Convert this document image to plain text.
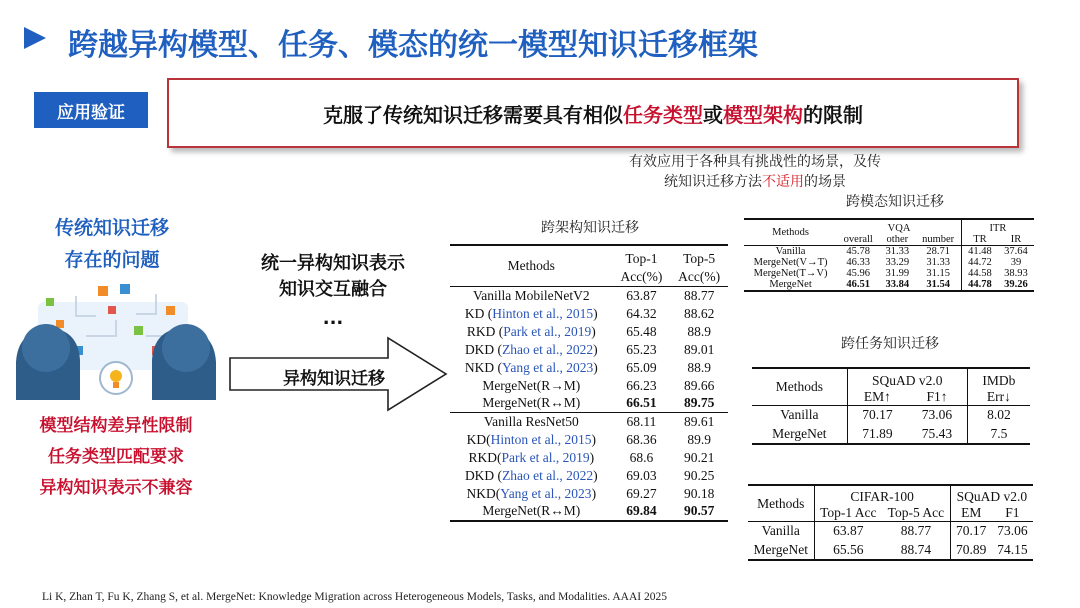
跨越异构模型、任务、模态的统一模型知识迁移框架
应用验证	克服了传统知识迁移需要具有相似 任务类型 或 模型架构 的限制
有效应用于各种具有挑战性的场景，及传
统知识迁移方法不适用的场景
传统知识迁移
存在的问题
模型结构差异性限制
任务类型匹配要求
异构知识表示不兼容
统一异构知识表示
知识交互融合
...
异构知识迁移
跨架构知识迁移
Methods	Top-1	Top-5
	Acc(%)	Acc(%)
Vanilla MobileNetV2	63.87	88.77
KD (Hinton et al., 2015)	64.32	88.62
RKD (Park et al., 2019)	65.48	88.9
DKD (Zhao et al., 2022)	65.23	89.01
NKD (Yang et al., 2023)	65.09	88.9
MergeNet(R→M)	66.23	89.66
MergeNet(R↔M)	66.51	89.75
Vanilla ResNet50	68.11	89.61
KD(Hinton et al., 2015)	68.36	89.9
RKD(Park et al., 2019)	68.6	90.21
DKD (Zhao et al., 2022)	69.03	90.25
NKD(Yang et al., 2023)	69.27	90.18
MergeNet(R↔M)	69.84	90.57
跨模态知识迁移
Methods	VQA			ITR	
	overall	other	number	TR	IR
Vanilla	45.78	31.33	28.71	41.48	37.64
MergeNet(V→T)	46.33	33.29	31.33	44.72	39
MergeNet(T→V)	45.96	31.99	31.15	44.58	38.93
MergeNet	46.51	33.84	31.54	44.78	39.26
跨任务知识迁移
Methods	SQuAD v2.0		IMDb
	EM↑	F1↑	Err↓
Vanilla	70.17	73.06	8.02
MergeNet	71.89	75.43	7.5
Methods	CIFAR-100		SQuAD v2.0	
	Top-1 Acc	Top-5 Acc	EM	F1
Vanilla	63.87	88.77	70.17	73.06
MergeNet	65.56	88.74	70.89	74.15
Li K, Zhan T, Fu K, Zhang S, et al. MergeNet: Knowledge Migration across Heterogeneous Models, Tasks, and Modalities. AAAI 2025
